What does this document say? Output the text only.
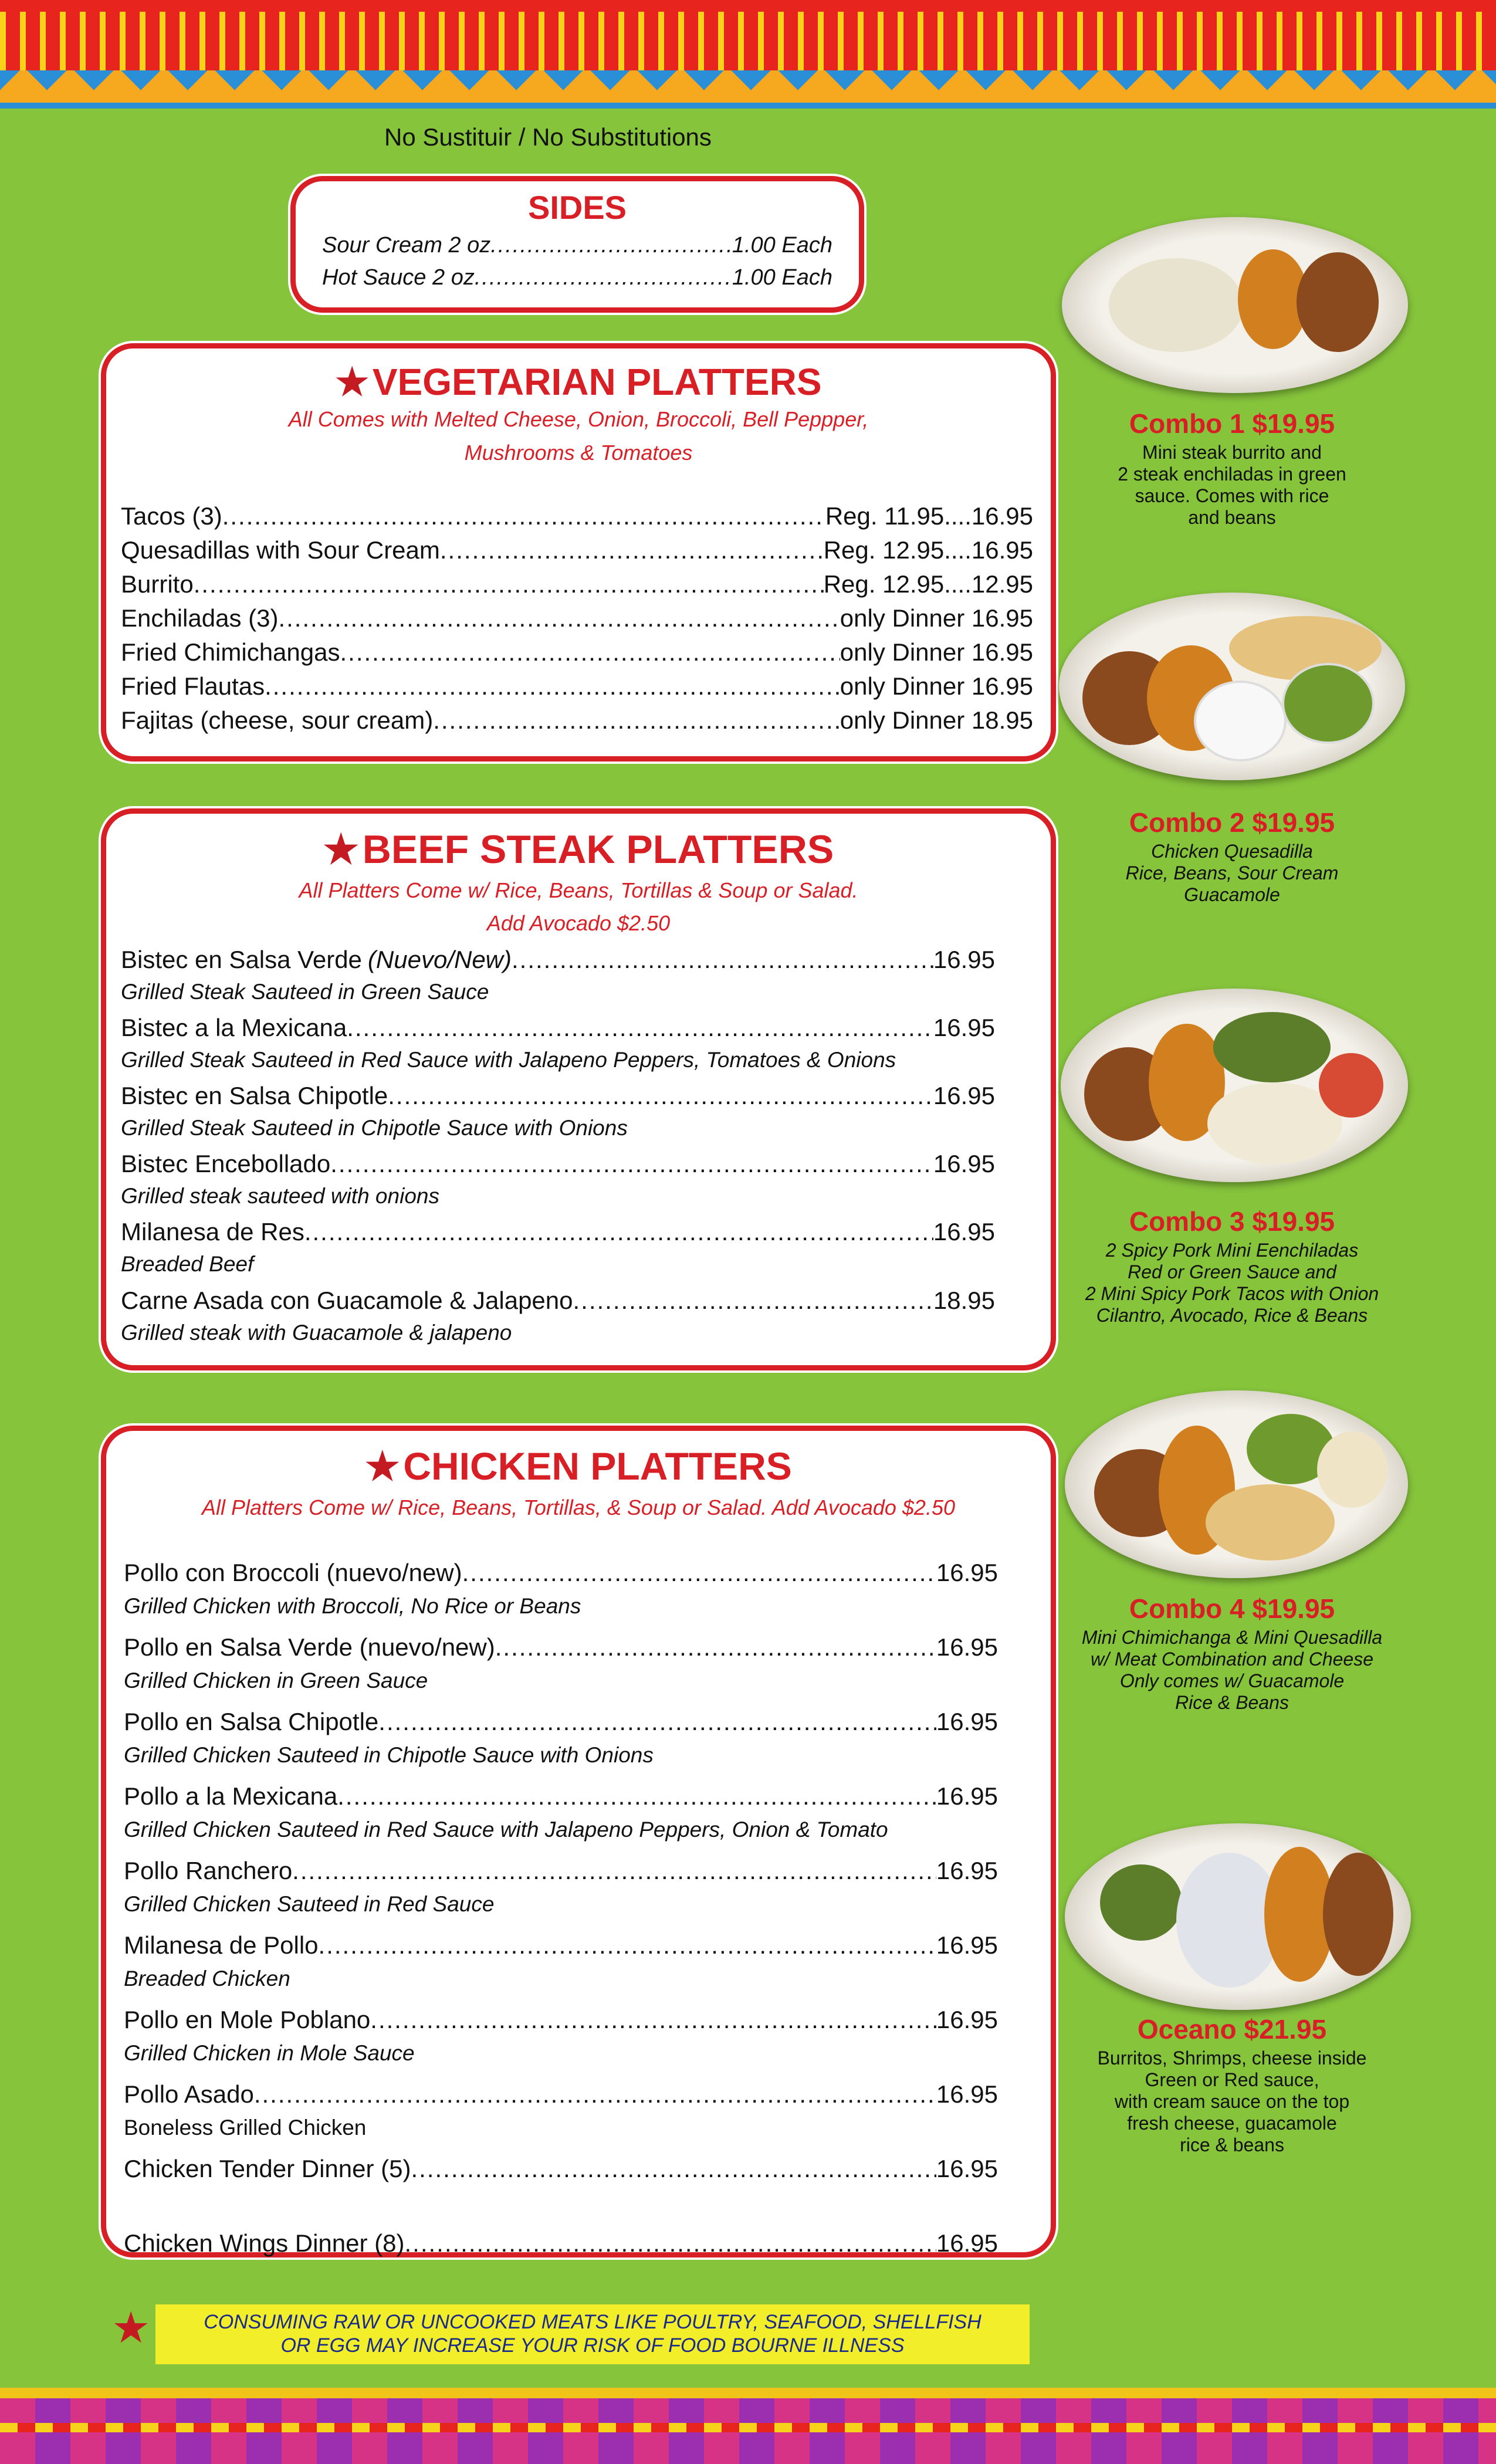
No Sustituir / No Substitutions
SIDES
Sour Cream 2 oz .....	1.00 Each
Hot Sauce 2 oz .....	1.00 Each
★VEGETARIAN PLATTERS
All Comes with Melted Cheese, Onion, Broccoli, Bell Peppper,
Mushrooms & Tomatoes
Tacos (3) .....	Reg. 11.95....16.95
Quesadillas with Sour Cream .....	Reg. 12.95....16.95
Burrito .....	Reg. 12.95....12.95
Enchiladas (3) .....	only Dinner 16.95
Fried Chimichangas .....	only Dinner 16.95
Fried Flautas .....	only Dinner 16.95
Fajitas (cheese, sour cream) .....	only Dinner 18.95
★BEEF STEAK PLATTERS
All Platters Come w/ Rice, Beans, Tortillas & Soup or Salad.
Add Avocado $2.50
Bistec en Salsa Verde (Nuevo/New) .....	16.95
Grilled Steak Sauteed in Green Sauce
Bistec a la Mexicana .....	16.95
Grilled Steak Sauteed in Red Sauce with Jalapeno Peppers, Tomatoes & Onions
Bistec en Salsa Chipotle .....	16.95
Grilled Steak Sauteed in Chipotle Sauce with Onions
Bistec Encebollado .....	16.95
Grilled steak sauteed with onions
Milanesa de Res .....	16.95
Breaded Beef
Carne Asada con Guacamole & Jalapeno .....	18.95
Grilled steak with Guacamole & jalapeno
★CHICKEN PLATTERS
All Platters Come w/ Rice, Beans, Tortillas, & Soup or Salad. Add Avocado $2.50
Pollo con Broccoli (nuevo/new) .....	16.95
Grilled Chicken with Broccoli, No Rice or Beans
Pollo en Salsa Verde (nuevo/new) .....	16.95
Grilled Chicken in Green Sauce
Pollo en Salsa Chipotle .....	16.95
Grilled Chicken Sauteed in Chipotle Sauce with Onions
Pollo a la Mexicana .....	16.95
Grilled Chicken Sauteed in Red Sauce with Jalapeno Peppers, Onion & Tomato
Pollo Ranchero .....	16.95
Grilled Chicken Sauteed in Red Sauce
Milanesa de Pollo .....	16.95
Breaded Chicken
Pollo en Mole Poblano .....	16.95
Grilled Chicken in Mole Sauce
Pollo Asado .....	16.95
Boneless Grilled Chicken
Chicken Tender Dinner (5) .....	16.95
Chicken Wings Dinner (8) .....	16.95
Combo 1 $19.95
Mini steak burrito and
2 steak enchiladas in green
sauce. Comes with rice
and beans
Combo 2 $19.95
Chicken Quesadilla
Rice, Beans, Sour Cream
Guacamole
Combo 3 $19.95
2 Spicy Pork Mini Eenchiladas
Red or Green Sauce and
2 Mini Spicy Pork Tacos with Onion
Cilantro, Avocado, Rice & Beans
Combo 4 $19.95
Mini Chimichanga & Mini Quesadilla
w/ Meat Combination and Cheese
Only comes w/ Guacamole
Rice & Beans
Oceano $21.95
Burritos, Shrimps, cheese inside
Green or Red sauce,
with cream sauce on the top
fresh cheese, guacamole
rice & beans
★	CONSUMING RAW OR UNCOOKED MEATS LIKE POULTRY, SEAFOOD, SHELLFISH
OR EGG MAY INCREASE YOUR RISK OF FOOD BOURNE ILLNESS
